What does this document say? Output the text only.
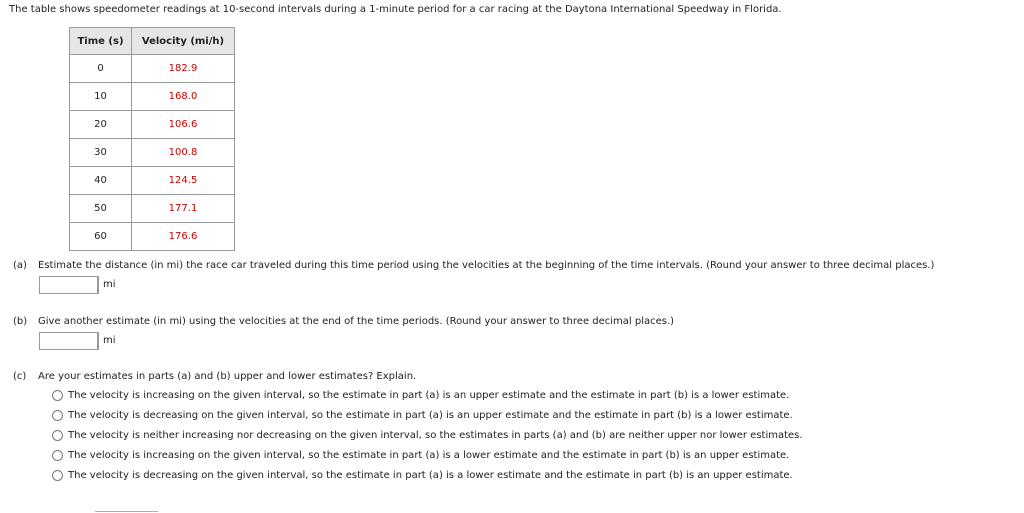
The table shows speedometer readings at 10-second intervals during a 1-minute period for a car racing at the Daytona International Speedway in Florida.
Time (s)	Velocity (mi/h)
0	182.9
10	168.0
20	106.6
30	100.8
40	124.5
50	177.1
60	176.6
(a) Estimate the distance (in mi) the race car traveled during this time period using the velocities at the beginning of the time intervals. (Round your answer to three decimal places.)
mi
(b) Give another estimate (in mi) using the velocities at the end of the time periods. (Round your answer to three decimal places.)
mi
(c) Are your estimates in parts (a) and (b) upper and lower estimates? Explain.
The velocity is increasing on the given interval, so the estimate in part (a) is an upper estimate and the estimate in part (b) is a lower estimate.
The velocity is decreasing on the given interval, so the estimate in part (a) is an upper estimate and the estimate in part (b) is a lower estimate.
The velocity is neither increasing nor decreasing on the given interval, so the estimates in parts (a) and (b) are neither upper nor lower estimates.
The velocity is increasing on the given interval, so the estimate in part (a) is a lower estimate and the estimate in part (b) is an upper estimate.
The velocity is decreasing on the given interval, so the estimate in part (a) is a lower estimate and the estimate in part (b) is an upper estimate.
